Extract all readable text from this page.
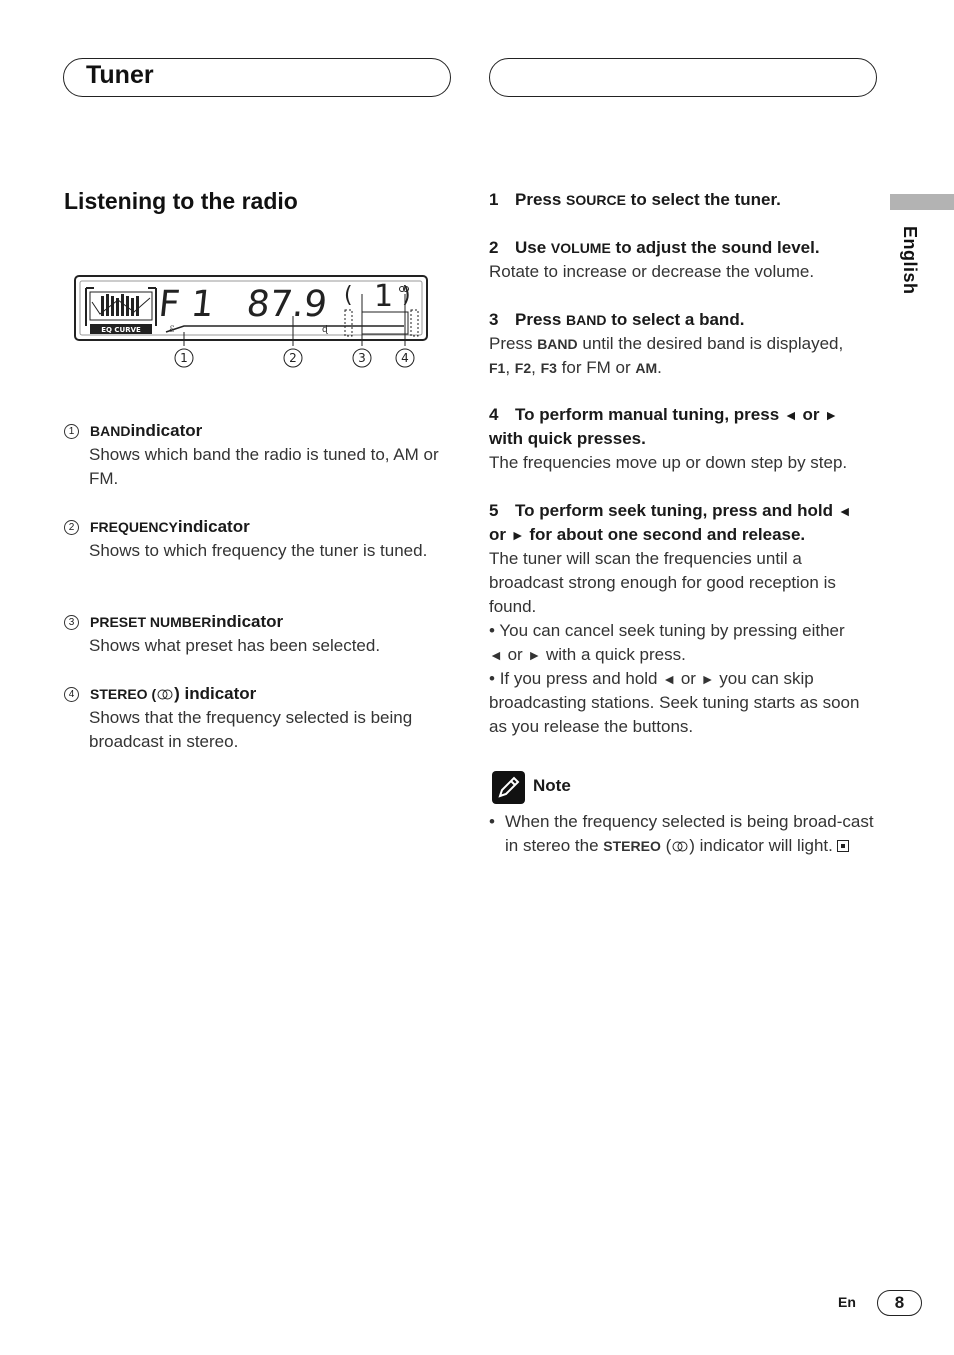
Tuner
English
Listening to the radio
EQ CURVE
F 1 87.9 ( 1 )
ℰ	ɖ
1	2	3	4
1	BAND indicator
Shows which band the radio is tuned to, AM or FM.
2	FREQUENCY indicator
Shows to which frequency the tuner is tuned.
3	PRESET NUMBER indicator
Shows what preset has been selected.
4	STEREO ( ) indicator
Shows that the frequency selected is being broadcast in stereo.
1 Press SOURCE to select the tuner.
2 Use VOLUME to adjust the sound level.
Rotate to increase or decrease the volume.
3 Press BAND to select a band.
Press BAND until the desired band is displayed,
F1, F2, F3 for FM or AM.
4 To perform manual tuning, press ◄ or ►
with quick presses.
The frequencies move up or down step by step.
5 To perform seek tuning, press and hold ◄
or ► for about one second and release.
The tuner will scan the frequencies until a broadcast strong enough for good reception is found.
• You can cancel seek tuning by pressing either
◄ or ► with a quick press.
• If you press and hold ◄ or ► you can skip broadcasting stations. Seek tuning starts as soon as you release the buttons.
Note
• When the frequency selected is being broad-cast in stereo the STEREO ( ) indicator will light.
En	8
